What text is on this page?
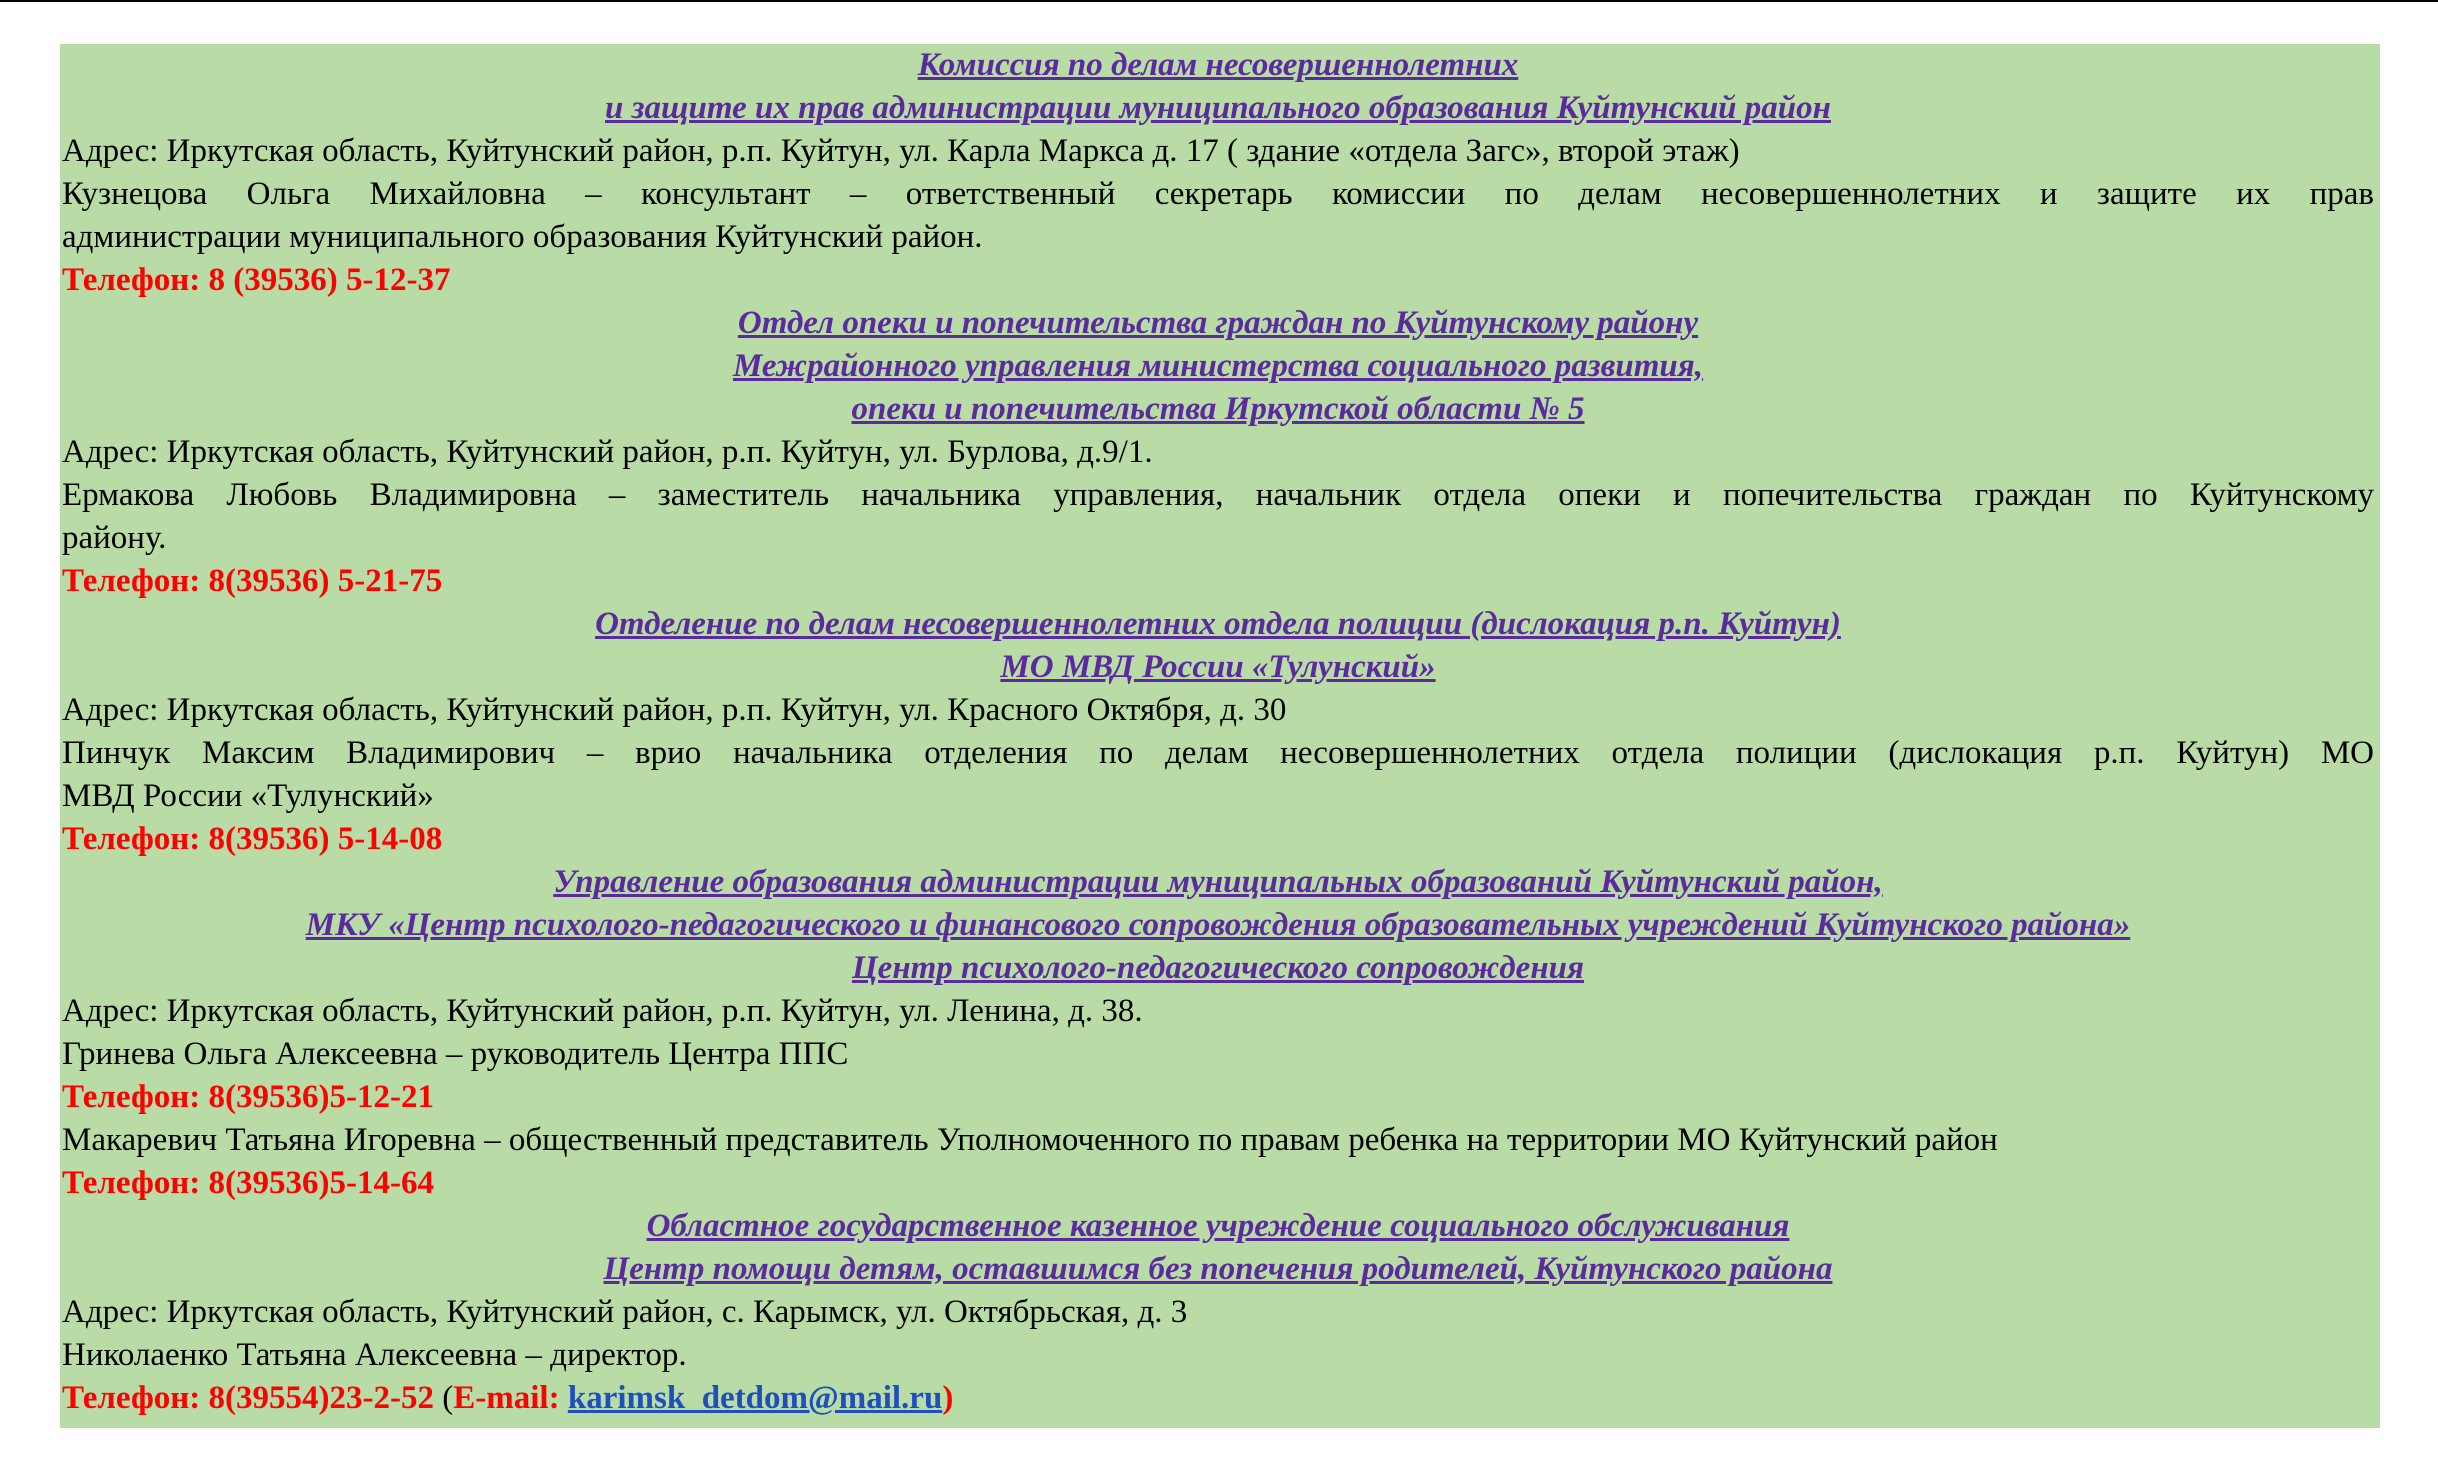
Комиссия по делам несовершеннолетних
и защите их прав администрации муниципального образования Куйтунский район
Адрес: Иркутская область, Куйтунский район, р.п. Куйтун, ул. Карла Маркса д. 17 ( здание «отдела Загс», второй этаж)
Кузнецова Ольга Михайловна – консультант – ответственный секретарь комиссии по делам несовершеннолетних и защите их прав
администрации муниципального образования Куйтунский район.
Телефон: 8 (39536) 5-12-37
Отдел опеки и попечительства граждан по Куйтунскому району
Межрайонного управления министерства социального развития,
опеки и попечительства Иркутской области № 5
Адрес: Иркутская область, Куйтунский район, р.п. Куйтун, ул. Бурлова, д.9/1.
Ермакова Любовь Владимировна – заместитель начальника управления, начальник отдела опеки и попечительства граждан по Куйтунскому
району.
Телефон: 8(39536) 5-21-75
Отделение по делам несовершеннолетних отдела полиции (дислокация р.п. Куйтун)
МО МВД России «Тулунский»
Адрес: Иркутская область, Куйтунский район, р.п. Куйтун, ул. Красного Октября, д. 30
Пинчук Максим Владимирович – врио начальника отделения по делам несовершеннолетних отдела полиции (дислокация р.п. Куйтун) МО
МВД России «Тулунский»
Телефон: 8(39536) 5-14-08
Управление образования администрации муниципальных образований Куйтунский район,
МКУ «Центр психолого-педагогического и финансового сопровождения образовательных учреждений Куйтунского района»
Центр психолого-педагогического сопровождения
Адрес: Иркутская область, Куйтунский район, р.п. Куйтун, ул. Ленина, д. 38.
Гринева Ольга Алексеевна – руководитель Центра ППС
Телефон: 8(39536)5-12-21
Макаревич Татьяна Игоревна – общественный представитель Уполномоченного по правам ребенка на территории МО Куйтунский район
Телефон: 8(39536)5-14-64
Областное государственное казенное учреждение социального обслуживания
Центр помощи детям, оставшимся без попечения родителей, Куйтунского района
Адрес: Иркутская область, Куйтунский район, с. Карымск, ул. Октябрьская, д. 3
Николаенко Татьяна Алексеевна – директор.
Телефон: 8(39554)23-2-52 (E-mail: karimsk_detdom@mail.ru)
